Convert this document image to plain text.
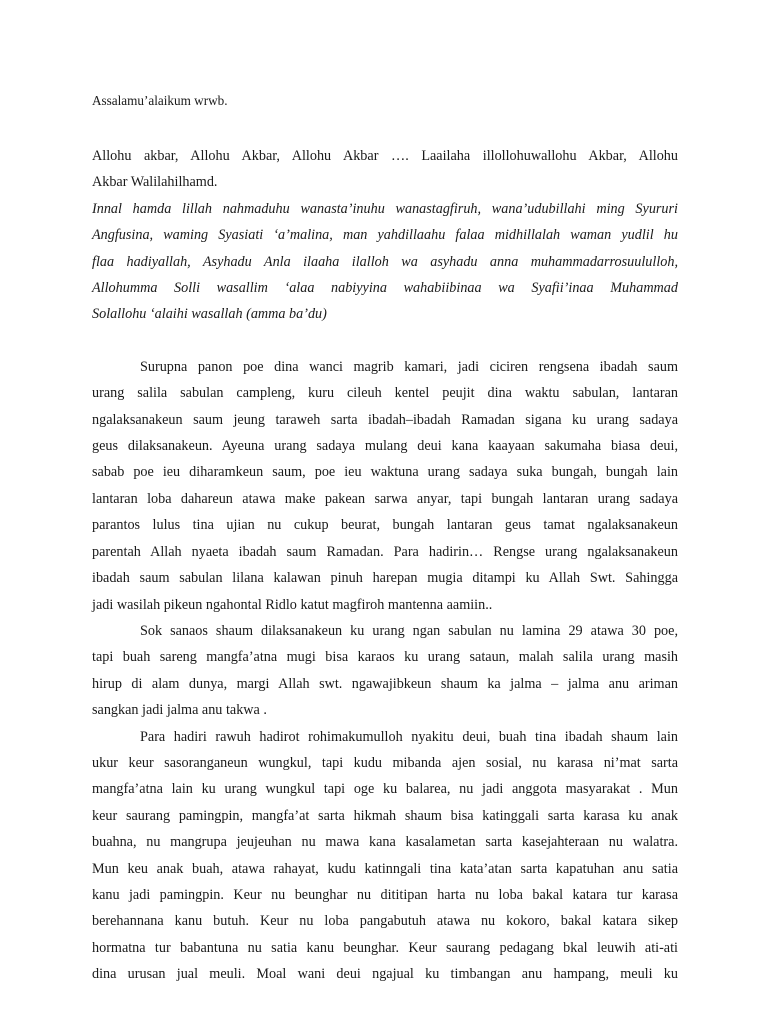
Assalamu’alaikum wrwb.

Allohu akbar, Allohu Akbar, Allohu Akbar …. Laailaha illollohuwallohu Akbar, Allohu
Akbar Walilahilhamd.
Innal hamda lillah nahmaduhu wanasta’inuhu wanastagfiruh, wana’udubillahi ming Syururi
Angfusina, waming Syasiati ‘a’malina, man yahdillaahu falaa midhillalah waman yudlil hu
flaa hadiyallah, Asyhadu Anla ilaaha ilalloh wa asyhadu anna muhammadarrosuululloh,
Allohumma Solli wasallim ‘alaa nabiyyina wahabiibinaa wa Syafii’inaa Muhammad
Solallohu ‘alaihi wasallah (amma ba’du)
Surupna panon poe dina wanci magrib kamari, jadi ciciren rengsena ibadah saum
urang salila sabulan campleng, kuru cileuh kentel peujit dina waktu sabulan, lantaran
ngalaksanakeun saum jeung taraweh sarta ibadah–ibadah Ramadan sigana ku urang sadaya
geus dilaksanakeun. Ayeuna urang sadaya mulang deui kana kaayaan sakumaha biasa deui,
sabab poe ieu diharamkeun saum, poe ieu waktuna urang sadaya suka bungah, bungah lain
lantaran loba dahareun atawa make pakean sarwa anyar, tapi bungah lantaran urang sadaya
parantos lulus tina ujian nu cukup beurat, bungah lantaran geus tamat ngalaksanakeun
parentah Allah nyaeta ibadah saum Ramadan. Para hadirin… Rengse urang ngalaksanakeun
ibadah saum sabulan lilana kalawan pinuh harepan mugia ditampi ku Allah Swt. Sahingga
jadi wasilah pikeun ngahontal Ridlo katut magfiroh mantenna aamiin..
Sok sanaos shaum dilaksanakeun ku urang ngan sabulan nu lamina 29 atawa 30 poe,
tapi buah sareng mangfa’atna mugi bisa karaos ku urang sataun, malah salila urang masih
hirup di alam dunya, margi Allah swt. ngawajibkeun shaum ka jalma – jalma anu ariman
sangkan jadi jalma anu takwa .
Para hadiri rawuh hadirot rohimakumulloh nyakitu deui, buah tina ibadah shaum lain
ukur keur sasoranganeun wungkul, tapi kudu mibanda ajen sosial, nu karasa ni’mat sarta
mangfa’atna lain ku urang wungkul tapi oge ku balarea, nu jadi anggota masyarakat . Mun
keur saurang pamingpin, mangfa’at sarta hikmah shaum bisa katinggali sarta karasa ku anak
buahna, nu mangrupa jeujeuhan nu mawa kana kasalametan sarta kasejahteraan nu walatra.
Mun keu anak buah, atawa rahayat, kudu katinngali tina kata’atan sarta kapatuhan anu satia
kanu jadi pamingpin. Keur nu beunghar nu dititipan harta nu loba bakal katara tur karasa
berehannana kanu butuh. Keur nu loba pangabutuh atawa nu kokoro, bakal katara sikep
hormatna tur babantuna nu satia kanu beunghar. Keur saurang pedagang bkal leuwih ati-ati
dina urusan jual meuli. Moal wani deui ngajual ku timbangan anu hampang, meuli ku
